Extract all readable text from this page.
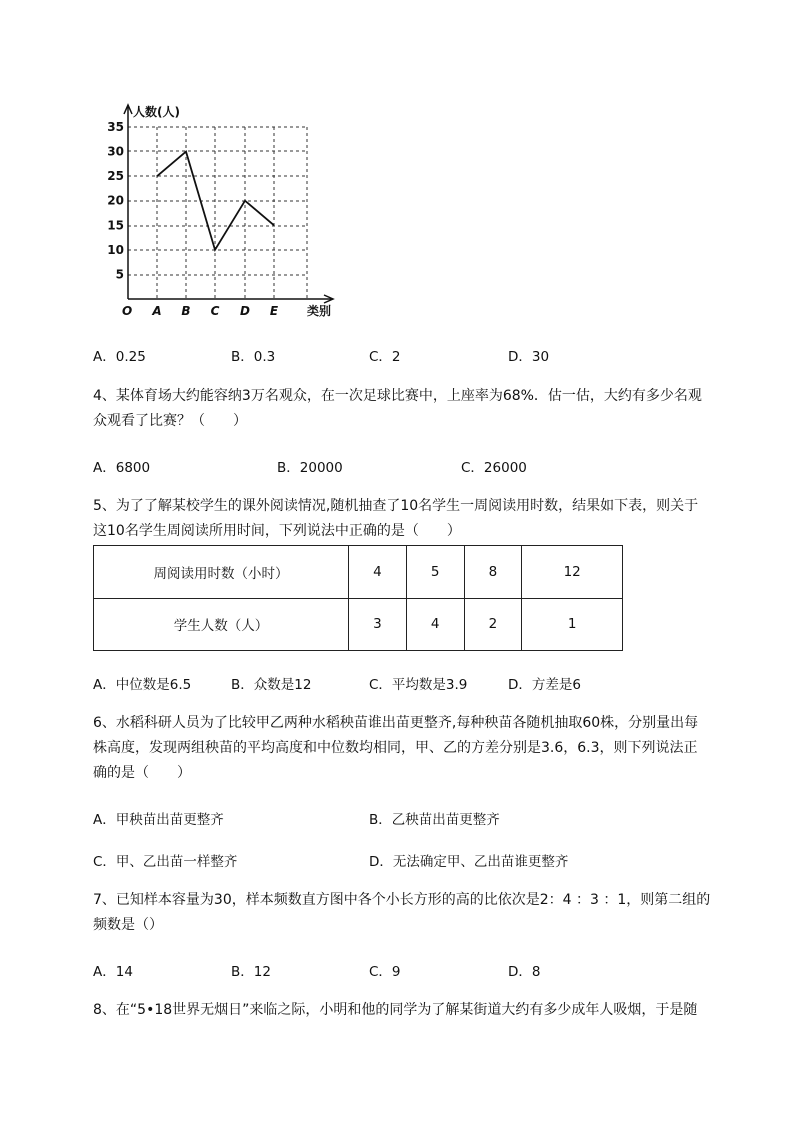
人数(人)
类别
O
5
10
15
20
25
30
35
A B C D E
A．0.25	B．0.3	C．2	D．30
4、某体育场大约能容纳3万名观众，在一次足球比赛中，上座率为68%．估一估，大约有多少名观
众观看了比赛？（　　）
A．6800	B．20000	C．26000
5、为了了解某校学生的课外阅读情况,随机抽查了10名学生一周阅读用时数，结果如下表，则关于
这10名学生周阅读所用时间，下列说法中正确的是（　　）
周阅读用时数（小时）	4	5	8	12
学生人数（人）	3	4	2	1
A．中位数是6.5	B．众数是12	C．平均数是3.9	D．方差是6
6、水稻科研人员为了比较甲乙两种水稻秧苗谁出苗更整齐,每种秧苗各随机抽取60株，分别量出每
株高度，发现两组秧苗的平均高度和中位数均相同，甲、乙的方差分别是3.6，6.3，则下列说法正
确的是（　　）
A．甲秧苗出苗更整齐	B．乙秧苗出苗更整齐
C．甲、乙出苗一样整齐	D．无法确定甲、乙出苗谁更整齐
7、已知样本容量为30，样本频数直方图中各个小长方形的高的比依次是2：4 ：3 ：1，则第二组的
频数是（）
A．14	B．12	C．9	D．8
8、在“5•18世界无烟日”来临之际，小明和他的同学为了解某街道大约有多少成年人吸烟，于是随
